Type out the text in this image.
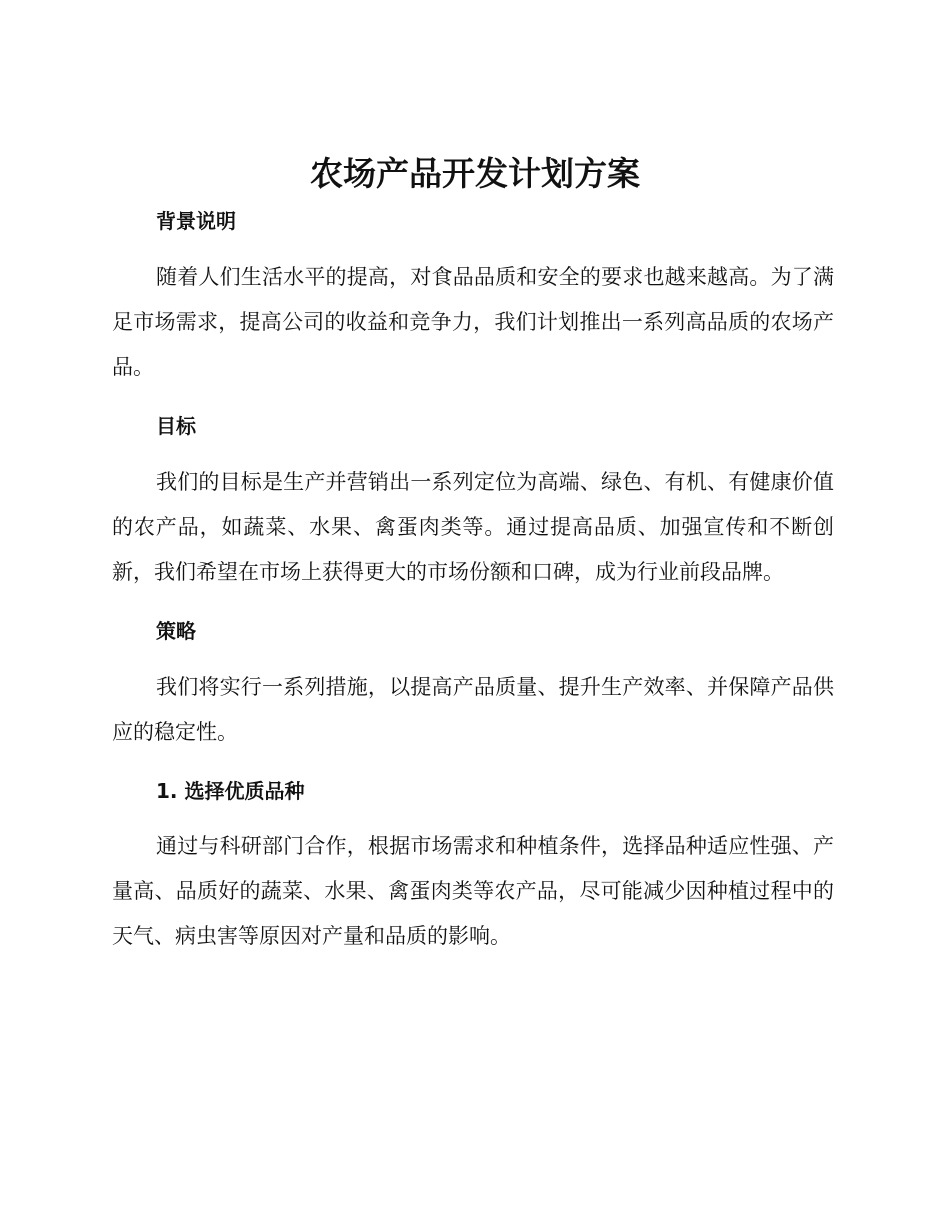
农场产品开发计划方案
背景说明

随着人们生活水平的提高，对食品品质和安全的要求也越来越高。为了满足市场需求，提高公司的收益和竞争力，我们计划推出一系列高品质的农场产品。

目标

我们的目标是生产并营销出一系列定位为高端、绿色、有机、有健康价值的农产品，如蔬菜、水果、禽蛋肉类等。通过提高品质、加强宣传和不断创新，我们希望在市场上获得更大的市场份额和口碑，成为行业前段品牌。

策略

我们将实行一系列措施，以提高产品质量、提升生产效率、并保障产品供应的稳定性。

1. 选择优质品种

通过与科研部门合作，根据市场需求和种植条件，选择品种适应性强、产量高、品质好的蔬菜、水果、禽蛋肉类等农产品，尽可能减少因种植过程中的天气、病虫害等原因对产量和品质的影响。
